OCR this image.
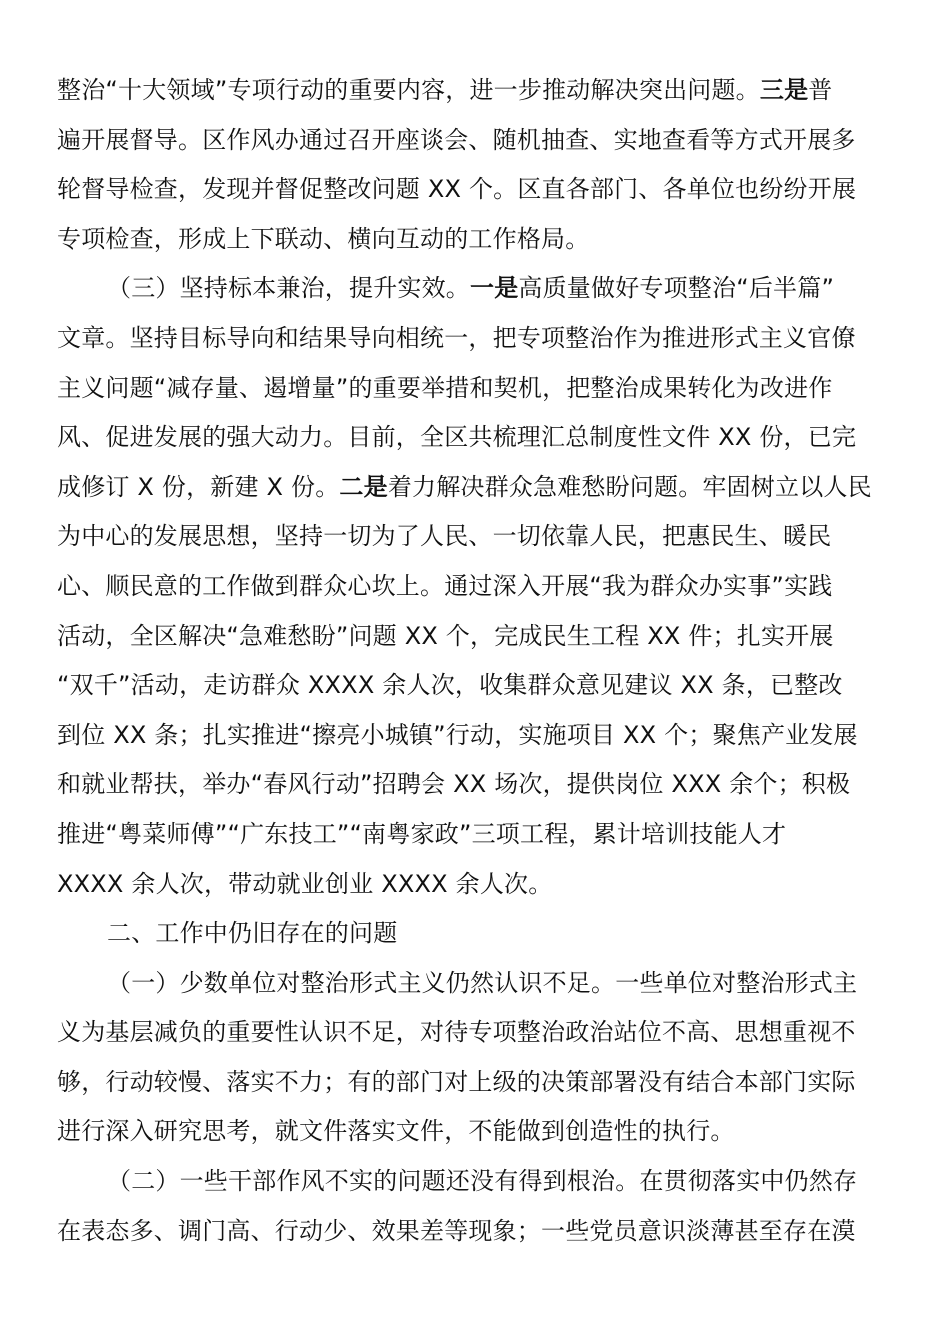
整治“十大领域”专项行动的重要内容，进一步推动解决突出问题。三是普
遍开展督导。区作风办通过召开座谈会、随机抽查、实地查看等方式开展多
轮督导检查，发现并督促整改问题 XX 个。区直各部门、各单位也纷纷开展
专项检查，形成上下联动、横向互动的工作格局。
（三）坚持标本兼治，提升实效。一是高质量做好专项整治“后半篇”
文章。坚持目标导向和结果导向相统一，把专项整治作为推进形式主义官僚
主义问题“减存量、遏增量”的重要举措和契机，把整治成果转化为改进作
风、促进发展的强大动力。目前，全区共梳理汇总制度性文件 XX 份，已完
成修订 X 份，新建 X 份。二是着力解决群众急难愁盼问题。牢固树立以人民
为中心的发展思想，坚持一切为了人民、一切依靠人民，把惠民生、暖民
心、顺民意的工作做到群众心坎上。通过深入开展“我为群众办实事”实践
活动，全区解决“急难愁盼”问题 XX 个，完成民生工程 XX 件；扎实开展
“双千”活动，走访群众 XXXX 余人次，收集群众意见建议 XX 条，已整改
到位 XX 条；扎实推进“擦亮小城镇”行动，实施项目 XX 个；聚焦产业发展
和就业帮扶，举办“春风行动”招聘会 XX 场次，提供岗位 XXX 余个；积极
推进“粤菜师傅”“广东技工”“南粤家政”三项工程，累计培训技能人才
XXXX 余人次，带动就业创业 XXXX 余人次。
二、工作中仍旧存在的问题
（一）少数单位对整治形式主义仍然认识不足。一些单位对整治形式主
义为基层减负的重要性认识不足，对待专项整治政治站位不高、思想重视不
够，行动较慢、落实不力；有的部门对上级的决策部署没有结合本部门实际
进行深入研究思考，就文件落实文件，不能做到创造性的执行。
（二）一些干部作风不实的问题还没有得到根治。在贯彻落实中仍然存
在表态多、调门高、行动少、效果差等现象；一些党员意识淡薄甚至存在漠
